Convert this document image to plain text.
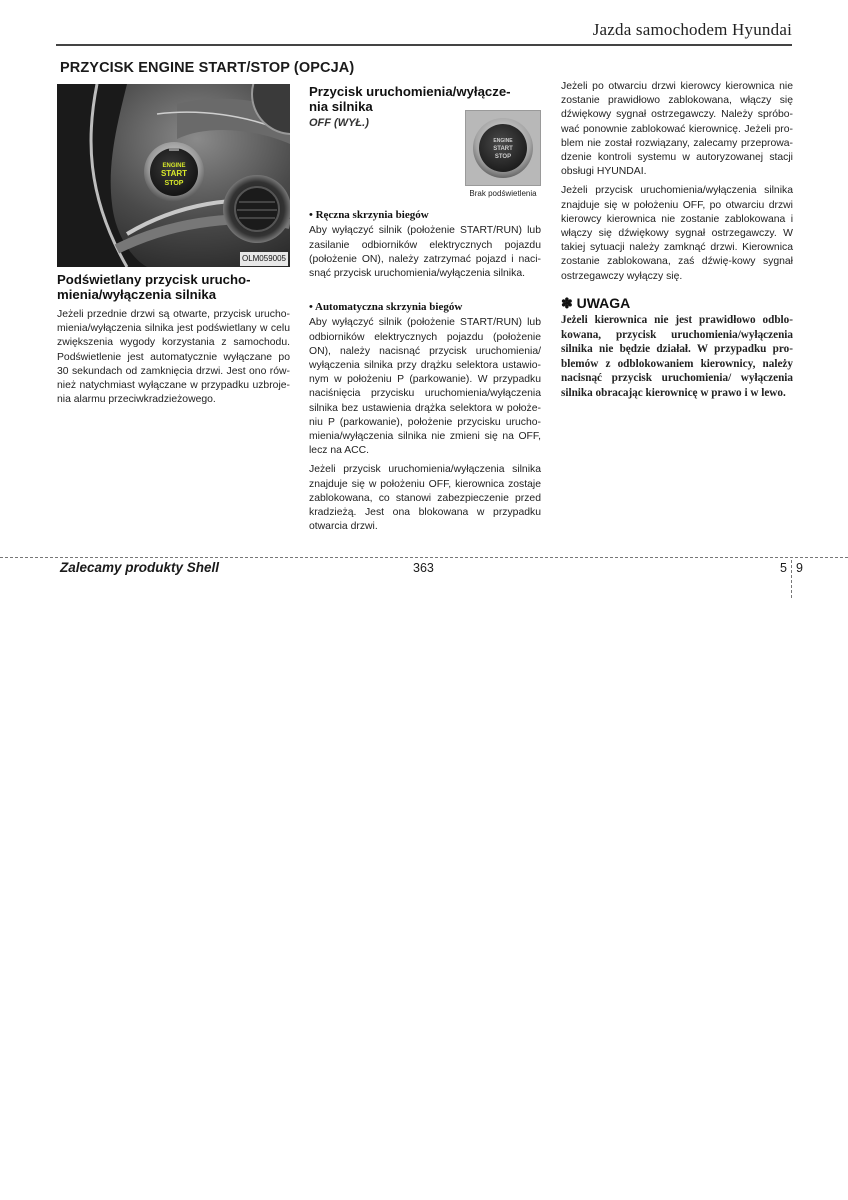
Jazda samochodem Hyundai
PRZYCISK ENGINE START/STOP (OPCJA)
ENGINE
START
STOP
OLM059005
Podświetlany przycisk urucho-mienia/wyłączenia silnika
Jeżeli przednie drzwi są otwarte, przycisk urucho-mienia/wyłączenia silnika jest podświetlany w celu zwiększenia wygody korzystania z samochodu. Podświetlenie jest automatycznie wyłączane po 30 sekundach od zamknięcia drzwi. Jest ono rów-nież natychmiast wyłączane w przypadku uzbroje-nia alarmu przeciwkradzieżowego.
Przycisk uruchomienia/wyłącze-nia silnika
OFF (WYŁ.)
ENGINE
START
STOP
Brak podświetlenia
• Ręczna skrzynia biegów
Aby wyłączyć silnik (położenie START/RUN) lub zasilanie odbiorników elektrycznych pojazdu (położenie ON), należy zatrzymać pojazd i naci-snąć przycisk uruchomienia/wyłączenia silnika.
• Automatyczna skrzynia biegów
Aby wyłączyć silnik (położenie START/RUN) lub odbiorników elektrycznych pojazdu (położenie ON), należy nacisnąć przycisk uruchomienia/ wyłączenia silnika przy drążku selektora ustawio-nym w położeniu P (parkowanie). W przypadku naciśnięcia przycisku uruchomienia/wyłączenia silnika bez ustawienia drążka selektora w położe-niu P (parkowanie), położenie przycisku urucho-mienia/wyłączenia silnika nie zmieni się na OFF, lecz na ACC.
Jeżeli przycisk uruchomienia/wyłączenia silnika znajduje się w położeniu OFF, kierownica zostaje zablokowana, co stanowi zabezpieczenie przed kradzieżą. Jest ona blokowana w przypadku otwarcia drzwi.
Jeżeli po otwarciu drzwi kierowcy kierownica nie zostanie prawidłowo zablokowana, włączy się dźwiękowy sygnał ostrzegawczy. Należy spróbo-wać ponownie zablokować kierownicę. Jeżeli pro-blem nie został rozwiązany, zalecamy przeprowa-dzenie kontroli systemu w autoryzowanej stacji obsługi HYUNDAI.
Jeżeli przycisk uruchomienia/wyłączenia silnika znajduje się w położeniu OFF, po otwarciu drzwi kierowcy kierownica nie zostanie zablokowana i włączy się dźwiękowy sygnał ostrzegawczy. W takiej sytuacji należy zamknąć drzwi. Kierownica zostanie zablokowana, zaś dźwię-kowy sygnał ostrzegawczy wyłączy się.
✽ UWAGA
Jeżeli kierownica nie jest prawidłowo odblo-kowana, przycisk uruchomienia/wyłączenia silnika nie będzie działał. W przypadku pro-blemów z odblokowaniem kierownicy, należy nacisnąć przycisk uruchomienia/ wyłączenia silnika obracając kierownicę w prawo i w lewo.
Zalecamy produkty Shell	363	5 9
